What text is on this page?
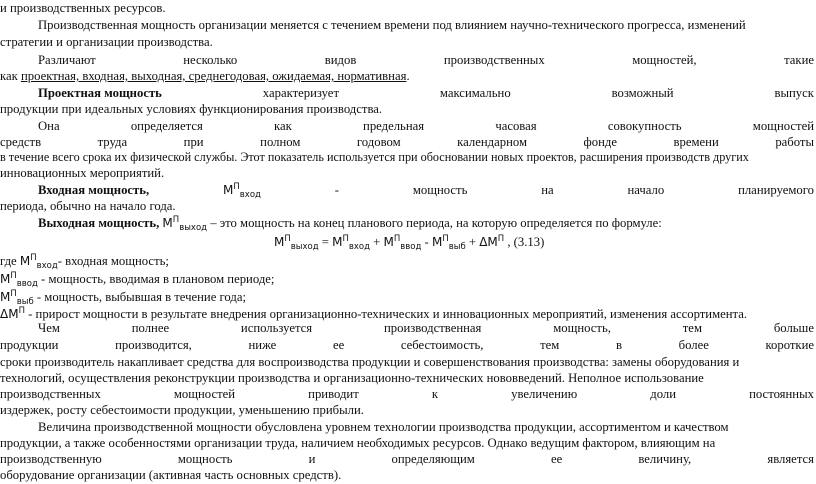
и производственных ресурсов.
Производственная мощность организации меняется с течением времени под влиянием научно-технического прогресса, изменений
стратегии и организации производства.
Различают	несколько	видов	производственных	мощностей,	такие
как проектная, входная, выходная, среднегодовая, ожидаемая, нормативная.
Проектная мощность	характеризует	максимально	возможный	выпуск
продукции при идеальных условиях функционирования производства.
Она	определяется	как	предельная	часовая	совокупность	мощностей
средств	труда	при	полном	годовом	календарном	фонде	времени	работы
в течение всего срока их физической службы. Этот показатель используется при обосновании новых проектов, расширения производств других
инновационных мероприятий.
Входная мощность,	$М^П_{вход}$	-	мощность	на	начало	планируемого
периода, обычно на начало года.
Выходная мощность, $М^П_{выход}$ – это мощность на конец планового периода, на которую определяется по формуле:
$М^П_{выход} = М^П_{вход} + М^П_{ввод} - М^П_{выб} + \Delta М^П$ , (3.13)
где $М^П_{вход}-$ входная мощность;
$М^П_{ввод}$ - мощность, вводимая в плановом периоде;
$М^П_{выб}$ - мощность, выбывшая в течение года;
$\Delta М^П$ - прирост мощности в результате внедрения организационно-технических и инновационных мероприятий, изменения ассортимента.
Чем	полнее	используется	производственная	мощность,	тем	больше
продукции	производится,	ниже	ее	себестоимость,	тем	в	более	короткие
сроки производитель накапливает средства для воспроизводства продукции и совершенствования производства: замены оборудования и
технологий, осуществления реконструкции производства и организационно-технических нововведений. Неполное использование
производственных	мощностей	приводит	к	увеличению	доли	постоянных
издержек, росту себестоимости продукции, уменьшению прибыли.
Величина производственной мощности обусловлена уровнем технологии производства продукции, ассортиментом и качеством
продукции, а также особенностями организации труда, наличием необходимых ресурсов. Однако ведущим фактором, влияющим на
производственную	мощность	и	определяющим	ее	величину,	является
оборудование организации (активная часть основных средств).
